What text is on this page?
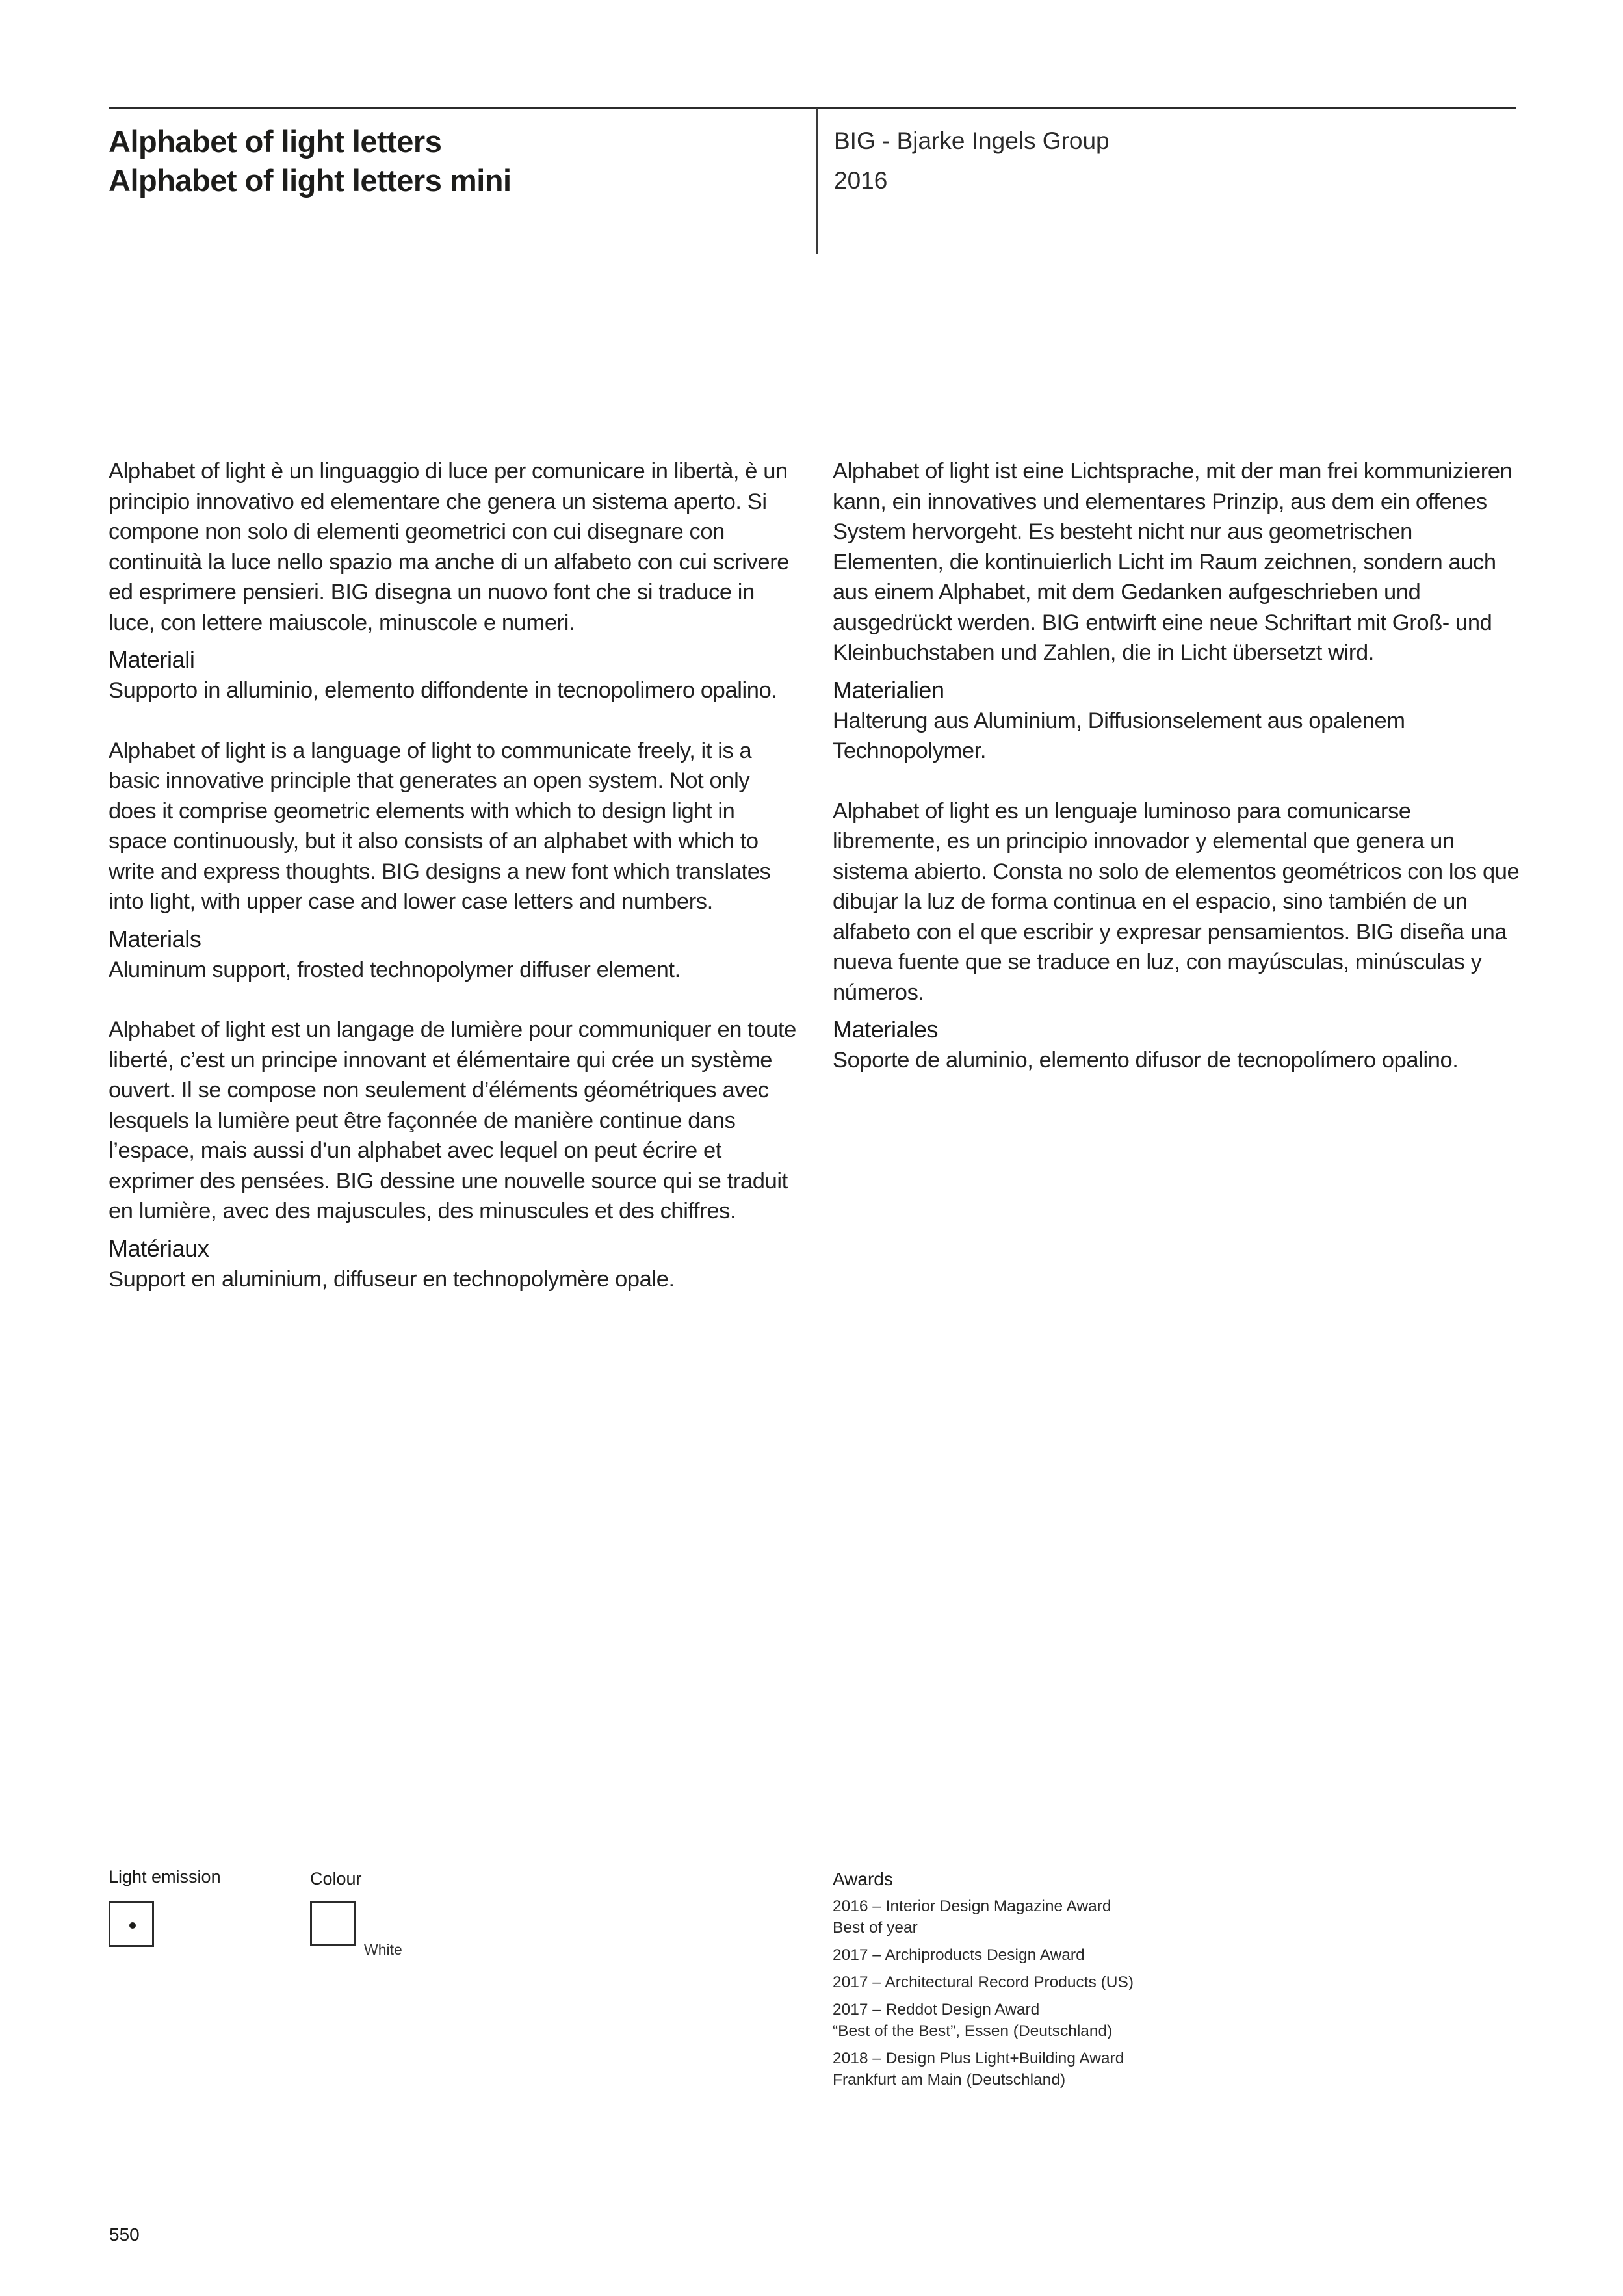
Alphabet of light letters
Alphabet of light letters mini
BIG - Bjarke Ingels Group
2016

Alphabet of light è un linguaggio di luce per comunicare in libertà, è un principio innovativo ed elementare che genera un sistema aperto. Si compone non solo di elementi geometrici con cui disegnare con continuità la luce nello spazio ma anche di un alfabeto con cui scrivere ed esprimere pensieri. BIG disegna un nuovo font che si traduce in luce, con lettere maiuscole, minuscole e numeri.

Materiali

Supporto in alluminio, elemento diffondente in tecnopolimero opalino.

Alphabet of light is a language of light to communicate freely, it is a basic innovative principle that generates an open system. Not only does it comprise geometric elements with which to design light in space continuously, but it also consists of an alphabet with which to write and express thoughts. BIG designs a new font which translates into light, with upper case and lower case letters and numbers.

Materials

Aluminum support, frosted technopolymer diffuser element.

Alphabet of light est un langage de lumière pour communiquer en toute liberté, c’est un principe innovant et élémentaire qui crée un système ouvert. Il se compose non seulement d’éléments géométriques avec lesquels la lumière peut être façonnée de manière continue dans l’espace, mais aussi d’un alphabet avec lequel on peut écrire et exprimer des pensées. BIG dessine une nouvelle source qui se traduit en lumière, avec des majuscules, des minuscules et des chiffres.

Matériaux

Support en aluminium, diffuseur en technopolymère opale.

Alphabet of light ist eine Lichtsprache, mit der man frei kommunizieren kann, ein innovatives und elementares Prinzip, aus dem ein offenes System hervorgeht. Es besteht nicht nur aus geometrischen Elementen, die kontinuierlich Licht im Raum zeichnen, sondern auch aus einem Alphabet, mit dem Gedanken aufgeschrieben und ausgedrückt werden. BIG entwirft eine neue Schriftart mit Groß- und Kleinbuchstaben und Zahlen, die in Licht übersetzt wird.

Materialien

Halterung aus Aluminium, Diffusionselement aus opalenem Technopolymer.

Alphabet of light es un lenguaje luminoso para comunicarse libremente, es un principio innovador y elemental que genera un sistema abierto. Consta no solo de elementos geométricos con los que dibujar la luz de forma continua en el espacio, sino también de un alfabeto con el que escribir y expresar pensamientos. BIG diseña una nueva fuente que se traduce en luz, con mayúsculas, minúsculas y números.

Materiales

Soporte de aluminio, elemento difusor de tecnopolímero opalino.

Light emission	Colour
White
Awards
2016 – Interior Design Magazine Award
Best of year
2017 – Archiproducts Design Award
2017 – Architectural Record Products (US)
2017 – Reddot Design Award
“Best of the Best”, Essen (Deutschland)
2018 – Design Plus Light+Building Award
Frankfurt am Main (Deutschland)
550
